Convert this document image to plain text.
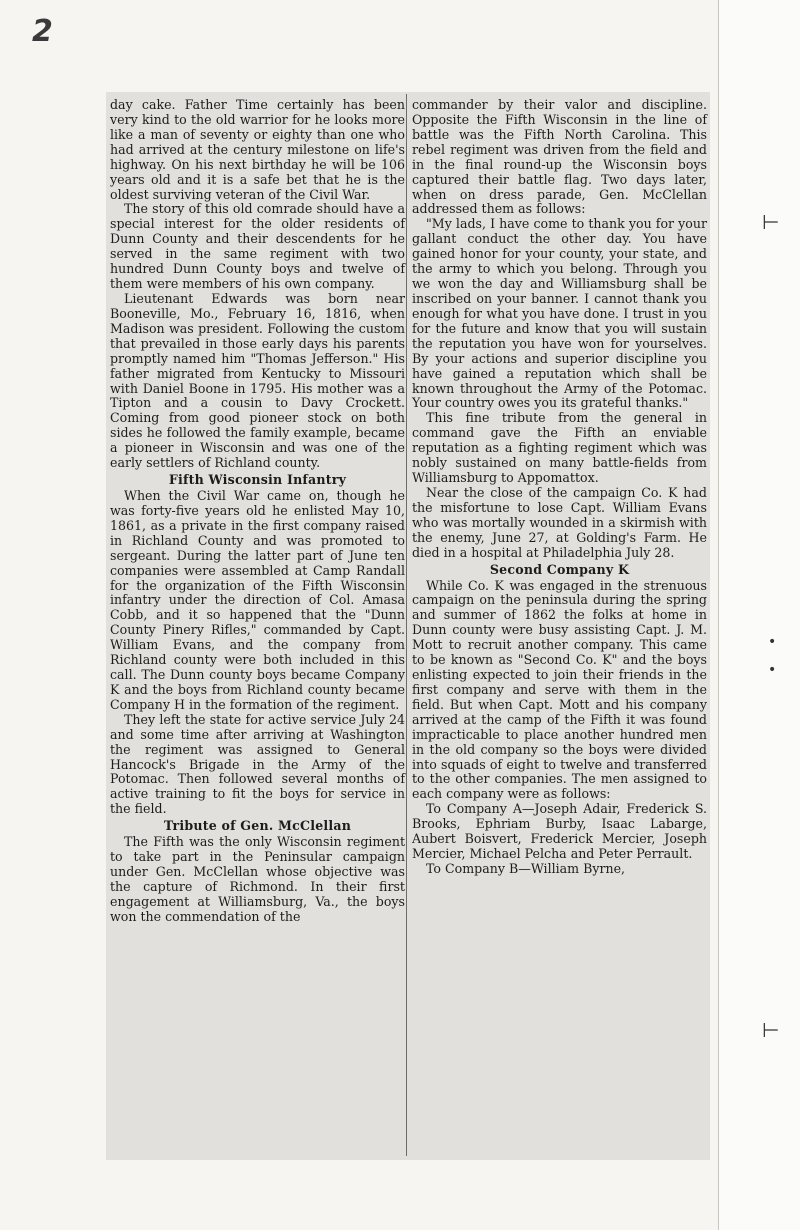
2

day cake. Father Time certainly has been very kind to the old warrior for he looks more like a man of seventy or eighty than one who had arrived at the century milestone on life's highway. On his next birthday he will be 106 years old and it is a safe bet that he is the oldest surviving veteran of the Civil War.

The story of this old comrade should have a special interest for the older residents of Dunn County and their descendents for he served in the same regiment with two hundred Dunn County boys and twelve of them were members of his own company.

Lieutenant Edwards was born near Booneville, Mo., February 16, 1816, when Madison was president. Following the custom that prevailed in those early days his parents promptly named him "Thomas Jefferson." His father migrated from Kentucky to Missouri with Daniel Boone in 1795. His mother was a Tipton and a cousin to Davy Crockett. Coming from good pioneer stock on both sides he followed the family example, became a pioneer in Wisconsin and was one of the early settlers of Richland county.

Fifth Wisconsin Infantry

When the Civil War came on, though he was forty-five years old he enlisted May 10, 1861, as a private in the first company raised in Richland County and was promoted to sergeant. During the latter part of June ten companies were assembled at Camp Randall for the organization of the Fifth Wisconsin infantry under the direction of Col. Amasa Cobb, and it so happened that the "Dunn County Pinery Rifles," commanded by Capt. William Evans, and the company from Richland county were both included in this call. The Dunn county boys became Company K and the boys from Richland county became Company H in the formation of the regiment.

They left the state for active service July 24 and some time after arriving at Washington the regiment was assigned to General Hancock's Brigade in the Army of the Potomac. Then followed several months of active training to fit the boys for service in the field.

Tribute of Gen. McClellan

The Fifth was the only Wisconsin regiment to take part in the Peninsular campaign under Gen. McClellan whose objective was the capture of Richmond. In their first engagement at Williamsburg, Va., the boys won the commendation of the

commander by their valor and discipline. Opposite the Fifth Wisconsin in the line of battle was the Fifth North Carolina. This rebel regiment was driven from the field and in the final round-up the Wisconsin boys captured their battle flag. Two days later, when on dress parade, Gen. McClellan addressed them as follows:

"My lads, I have come to thank you for your gallant conduct the other day. You have gained honor for your county, your state, and the army to which you belong. Through you we won the day and Williamsburg shall be inscribed on your banner. I cannot thank you enough for what you have done. I trust in you for the future and know that you will sustain the reputation you have won for yourselves. By your actions and superior discipline you have gained a reputation which shall be known throughout the Army of the Potomac. Your country owes you its grateful thanks."

This fine tribute from the general in command gave the Fifth an enviable reputation as a fighting regiment which was nobly sustained on many battle-fields from Williamsburg to Appomattox.

Near the close of the campaign Co. K had the misfortune to lose Capt. William Evans who was mortally wounded in a skirmish with the enemy, June 27, at Golding's Farm. He died in a hospital at Philadelphia July 28.

Second Company K

While Co. K was engaged in the strenuous campaign on the peninsula during the spring and summer of 1862 the folks at home in Dunn county were busy assisting Capt. J. M. Mott to recruit another company. This came to be known as "Second Co. K" and the boys enlisting expected to join their friends in the first company and serve with them in the field. But when Capt. Mott and his company arrived at the camp of the Fifth it was found impracticable to place another hundred men in the old company so the boys were divided into squads of eight to twelve and transferred to the other companies. The men assigned to each company were as follows:

To Company A—Joseph Adair, Frederick S. Brooks, Ephriam Burby, Isaac Labarge, Aubert Boisvert, Frederick Mercier, Joseph Mercier, Michael Pelcha and Peter Perrault.

To Company B—William Byrne,

⊢
•
•
⊢
